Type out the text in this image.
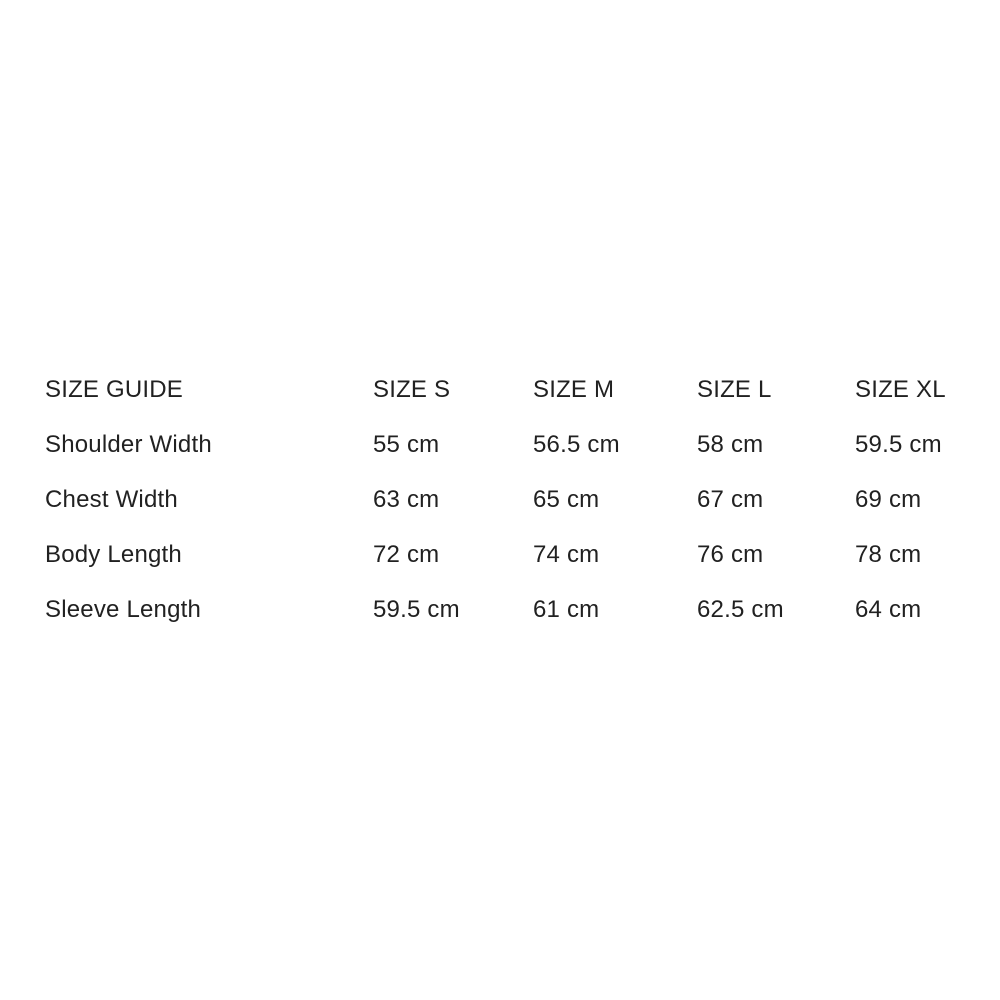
SIZE GUIDE	SIZE S	SIZE M	SIZE L	SIZE XL
Shoulder Width	55 cm	56.5 cm	58 cm	59.5 cm
Chest Width	63 cm	65 cm	67 cm	69 cm
Body Length	72 cm	74 cm	76 cm	78 cm
Sleeve Length	59.5 cm	61 cm	62.5 cm	64 cm
